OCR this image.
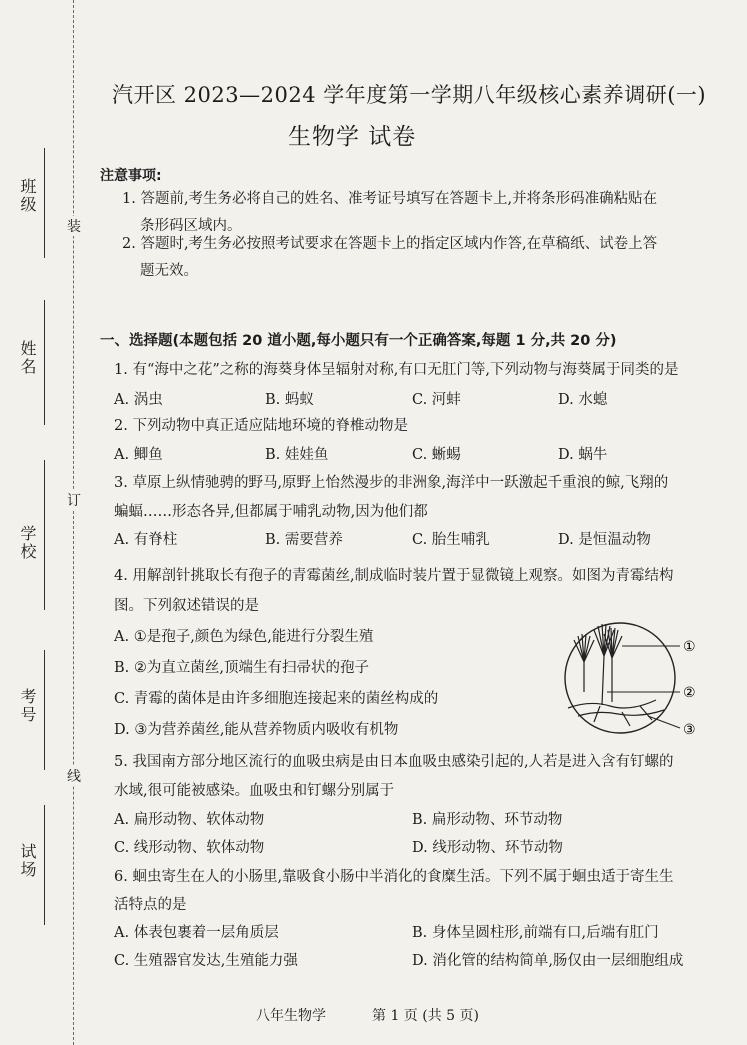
班级
姓名
学校
考号
试场
装
订
线
汽开区 2023—2024 学年度第一学期八年级核心素养调研(一)
生物学 试卷
注意事项:
1. 答题前,考生务必将自己的姓名、准考证号填写在答题卡上,并将条形码准确粘贴在
条形码区域内。
2. 答题时,考生务必按照考试要求在答题卡上的指定区域内作答,在草稿纸、试卷上答
题无效。
一、选择题(本题包括 20 道小题,每小题只有一个正确答案,每题 1 分,共 20 分)
1. 有“海中之花”之称的海葵身体呈辐射对称,有口无肛门等,下列动物与海葵属于同类的是
A. 涡虫	B. 蚂蚁	C. 河蚌	D. 水螅
2. 下列动物中真正适应陆地环境的脊椎动物是
A. 鲫鱼	B. 娃娃鱼	C. 蜥蜴	D. 蜗牛
3. 草原上纵情驰骋的野马,原野上怡然漫步的非洲象,海洋中一跃激起千重浪的鲸,飞翔的
蝙蝠……形态各异,但都属于哺乳动物,因为他们都
A. 有脊柱	B. 需要营养	C. 胎生哺乳	D. 是恒温动物
4. 用解剖针挑取长有孢子的青霉菌丝,制成临时装片置于显微镜上观察。如图为青霉结构
图。下列叙述错误的是
A. ①是孢子,颜色为绿色,能进行分裂生殖
B. ②为直立菌丝,顶端生有扫帚状的孢子
C. 青霉的菌体是由许多细胞连接起来的菌丝构成的
D. ③为营养菌丝,能从营养物质内吸收有机物
①
②
③
5. 我国南方部分地区流行的血吸虫病是由日本血吸虫感染引起的,人若是进入含有钉螺的
水域,很可能被感染。血吸虫和钉螺分别属于
A. 扁形动物、软体动物	B. 扁形动物、环节动物
C. 线形动物、软体动物	D. 线形动物、环节动物
6. 蛔虫寄生在人的小肠里,靠吸食小肠中半消化的食糜生活。下列不属于蛔虫适于寄生生
活特点的是
A. 体表包裹着一层角质层	B. 身体呈圆柱形,前端有口,后端有肛门
C. 生殖器官发达,生殖能力强	D. 消化管的结构简单,肠仅由一层细胞组成
八年生物学	第 1 页 (共 5 页)
